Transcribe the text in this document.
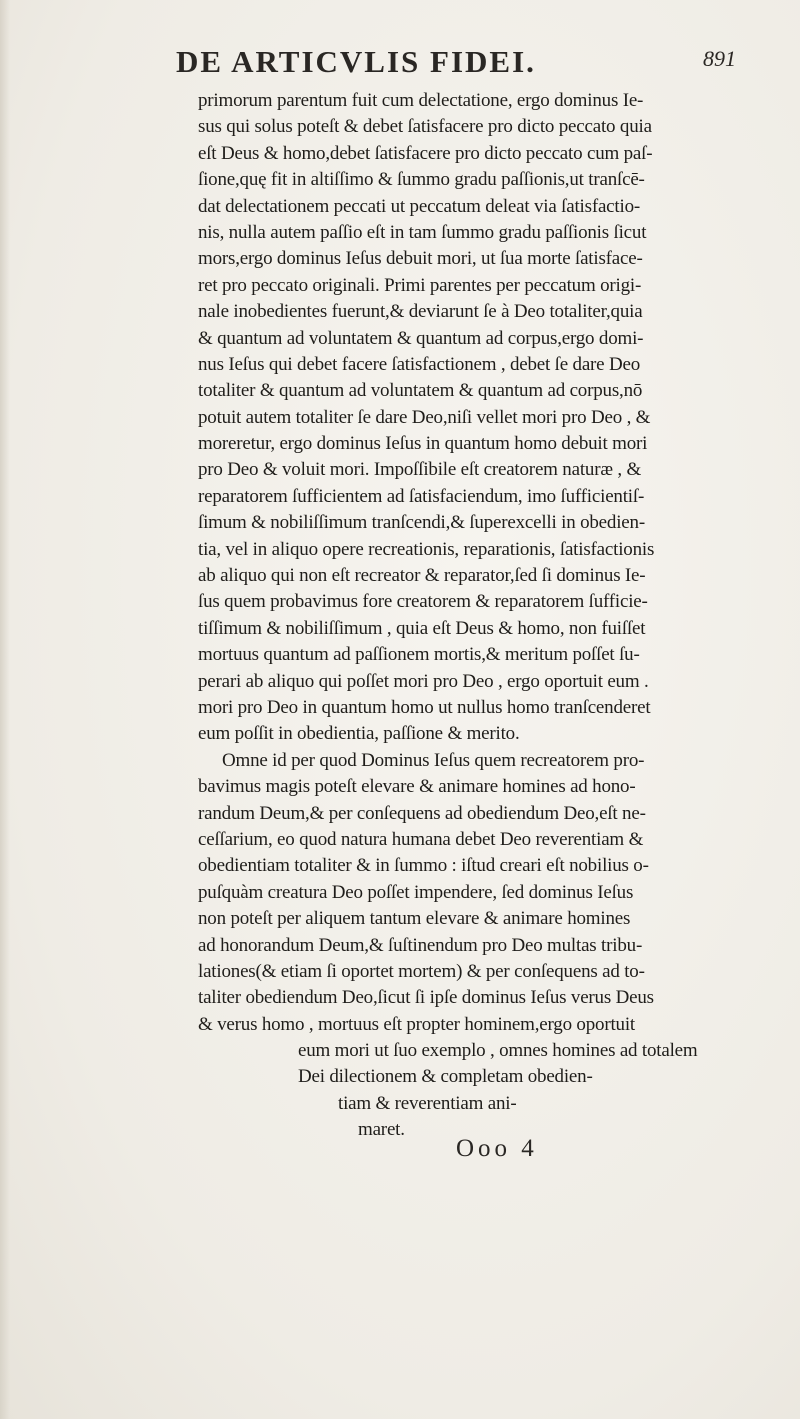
DE ARTICVLIS FIDEI.	891
primorum parentum fuit cum delectatione, ergo dominus Ie-
sus qui solus poteſt & debet ſatisfacere pro dicto peccato quia
eſt Deus & homo,debet ſatisfacere pro dicto peccato cum paſ-
ſione,quę fit in altiſſimo & ſummo gradu paſſionis,ut tranſcē-
dat delectationem peccati ut peccatum deleat via ſatisfactio-
nis, nulla autem paſſio eſt in tam ſummo gradu paſſionis ſicut
mors,ergo dominus Ieſus debuit mori, ut ſua morte ſatisface-
ret pro peccato originali. Primi parentes per peccatum origi-
nale inobedientes fuerunt,& deviarunt ſe à Deo totaliter,quia
& quantum ad voluntatem & quantum ad corpus,ergo domi-
nus Ieſus qui debet facere ſatisfactionem , debet ſe dare Deo
totaliter & quantum ad voluntatem & quantum ad corpus,nō
potuit autem totaliter ſe dare Deo,niſi vellet mori pro Deo , &
moreretur, ergo dominus Ieſus in quantum homo debuit mori
pro Deo & voluit mori. Impoſſibile eſt creatorem naturæ , &
reparatorem ſufficientem ad ſatisfaciendum, imo ſufficientiſ-
ſimum & nobiliſſimum tranſcendi,& ſuperexcelli in obedien-
tia, vel in aliquo opere recreationis, reparationis, ſatisfactionis
ab aliquo qui non eſt recreator & reparator,ſed ſi dominus Ie-
ſus quem probavimus fore creatorem & reparatorem ſufficie-
tiſſimum & nobiliſſimum , quia eſt Deus & homo, non fuiſſet
mortuus quantum ad paſſionem mortis,& meritum poſſet ſu-
perari ab aliquo qui poſſet mori pro Deo , ergo oportuit eum .
mori pro Deo in quantum homo ut nullus homo tranſcenderet
eum poſſit in obedientia, paſſione & merito.
Omne id per quod Dominus Ieſus quem recreatorem pro-
bavimus magis poteſt elevare & animare homines ad hono-
randum Deum,& per conſequens ad obediendum Deo,eſt ne-
ceſſarium, eo quod natura humana debet Deo reverentiam &
obedientiam totaliter & in ſummo : iſtud creari eſt nobilius o-
puſquàm creatura Deo poſſet impendere, ſed dominus Ieſus
non poteſt per aliquem tantum elevare & animare homines
ad honorandum Deum,& ſuſtinendum pro Deo multas tribu-
lationes(& etiam ſi oportet mortem) & per conſequens ad to-
taliter obediendum Deo,ſicut ſi ipſe dominus Ieſus verus Deus
& verus homo , mortuus eſt propter hominem,ergo oportuit
eum mori ut ſuo exemplo , omnes homines ad totalem
Dei dilectionem & completam obedien-
tiam & reverentiam ani-
maret.
Ooo 4
